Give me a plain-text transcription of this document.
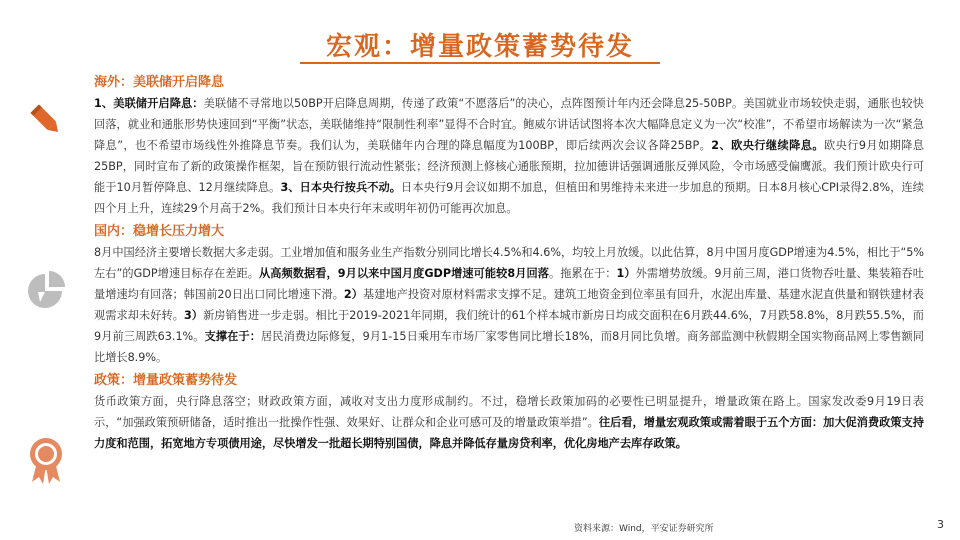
宏观：增量政策蓄势待发
海外：美联储开启降息
1、美联储开启降息：美联储不寻常地以50BP开启降息周期，传递了政策“不愿落后”的决心，点阵图预计年内还会降息25-50BP。美国就业市场较快走弱，通胀也较快回落，就业和通胀形势快速回到“平衡”状态，美联储维持“限制性利率”显得不合时宜。鲍威尔讲话试图将本次大幅降息定义为一次“校准”，不希望市场解读为一次“紧急降息”，也不希望市场线性外推降息节奏。我们认为，美联储年内合理的降息幅度为100BP，即后续两次会议各降25BP。2、欧央行继续降息。欧央行9月如期降息25BP，同时宣布了新的政策操作框架，旨在预防银行流动性紧张；经济预测上修核心通胀预期，拉加德讲话强调通胀反弹风险，令市场感受偏鹰派。我们预计欧央行可能于10月暂停降息、12月继续降息。3、日本央行按兵不动。日本央行9月会议如期不加息，但植田和男维持未来进一步加息的预期。日本8月核心CPI录得2.8%，连续四个月上升，连续29个月高于2%。我们预计日本央行年末或明年初仍可能再次加息。
国内：稳增长压力增大
8月中国经济主要增长数据大多走弱。工业增加值和服务业生产指数分别同比增长4.5%和4.6%，均较上月放缓。以此估算，8月中国月度GDP增速为4.5%，相比于“5%左右”的GDP增速目标存在差距。从高频数据看，9月以来中国月度GDP增速可能较8月回落。拖累在于：1）外需增势放缓。9月前三周，港口货物吞吐量、集装箱吞吐量增速均有回落；韩国前20日出口同比增速下滑。2）基建地产投资对原材料需求支撑不足。建筑工地资金到位率虽有回升，水泥出库量、基建水泥直供量和钢铁建材表观需求却未好转。3）新房销售进一步走弱。相比于2019-2021年同期，我们统计的61个样本城市新房日均成交面积在6月跌44.6%，7月跌58.8%，8月跌55.5%，而9月前三周跌63.1%。支撑在于：居民消费边际修复，9月1-15日乘用车市场厂家零售同比增长18%，而8月同比负增。商务部监测中秋假期全国实物商品网上零售额同比增长8.9%。
政策：增量政策蓄势待发
货币政策方面，央行降息落空；财政政策方面，减收对支出力度形成制约。不过，稳增长政策加码的必要性已明显提升，增量政策在路上。国家发改委9月19日表示，“加强政策预研储备，适时推出一批操作性强、效果好、让群众和企业可感可及的增量政策举措”。往后看，增量宏观政策或需着眼于五个方面：加大促消费政策支持力度和范围，拓宽地方专项债用途，尽快增发一批超长期特别国债，降息并降低存量房贷利率，优化房地产去库存政策。
资料来源：Wind，平安证券研究所	3
